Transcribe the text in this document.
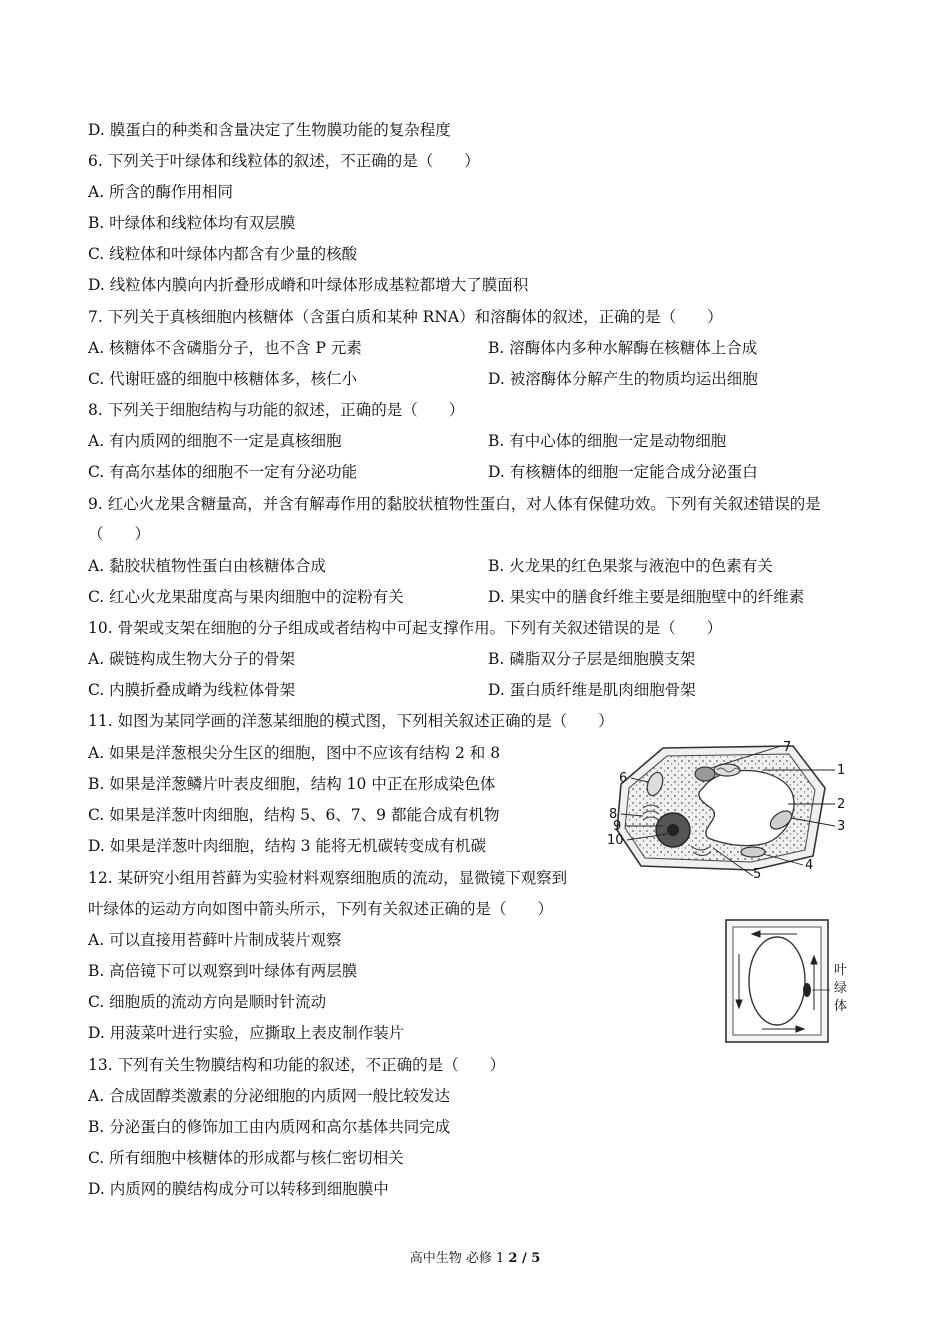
D. 膜蛋白的种类和含量决定了生物膜功能的复杂程度
6. 下列关于叶绿体和线粒体的叙述，不正确的是（　　）
A. 所含的酶作用相同
B. 叶绿体和线粒体均有双层膜
C. 线粒体和叶绿体内都含有少量的核酸
D. 线粒体内膜向内折叠形成嵴和叶绿体形成基粒都增大了膜面积
7. 下列关于真核细胞内核糖体（含蛋白质和某种 RNA）和溶酶体的叙述，正确的是（　　）
A. 核糖体不含磷脂分子，也不含 P 元素	B. 溶酶体内多种水解酶在核糖体上合成
C. 代谢旺盛的细胞中核糖体多，核仁小	D. 被溶酶体分解产生的物质均运出细胞
8. 下列关于细胞结构与功能的叙述，正确的是（　　）
A. 有内质网的细胞不一定是真核细胞	B. 有中心体的细胞一定是动物细胞
C. 有高尔基体的细胞不一定有分泌功能	D. 有核糖体的细胞一定能合成分泌蛋白
9. 红心火龙果含糖量高，并含有解毒作用的黏胶状植物性蛋白，对人体有保健功效。下列有关叙述错误的是
（　　）
A. 黏胶状植物性蛋白由核糖体合成	B. 火龙果的红色果浆与液泡中的色素有关
C. 红心火龙果甜度高与果肉细胞中的淀粉有关	D. 果实中的膳食纤维主要是细胞壁中的纤维素
10. 骨架或支架在细胞的分子组成或者结构中可起支撑作用。下列有关叙述错误的是（　　）
A. 碳链构成生物大分子的骨架	B. 磷脂双分子层是细胞膜支架
C. 内膜折叠成嵴为线粒体骨架	D. 蛋白质纤维是肌肉细胞骨架
11. 如图为某同学画的洋葱某细胞的模式图，下列相关叙述正确的是（　　）
A. 如果是洋葱根尖分生区的细胞，图中不应该有结构 2 和 8
B. 如果是洋葱鳞片叶表皮细胞，结构 10 中正在形成染色体
C. 如果是洋葱叶肉细胞，结构 5、6、7、9 都能合成有机物
D. 如果是洋葱叶肉细胞，结构 3 能将无机碳转变成有机碳
7
1
2
3
4
5
6
8
9
10
12. 某研究小组用苔藓为实验材料观察细胞质的流动，显微镜下观察到
叶绿体的运动方向如图中箭头所示，下列有关叙述正确的是（　　）
A. 可以直接用苔藓叶片制成装片观察
B. 高倍镜下可以观察到叶绿体有两层膜
C. 细胞质的流动方向是顺时针流动
D. 用菠菜叶进行实验，应撕取上表皮制作装片
叶
绿
体
13. 下列有关生物膜结构和功能的叙述，不正确的是（　　）
A. 合成固醇类激素的分泌细胞的内质网一般比较发达
B. 分泌蛋白的修饰加工由内质网和高尔基体共同完成
C. 所有细胞中核糖体的形成都与核仁密切相关
D. 内质网的膜结构成分可以转移到细胞膜中
高中生物 必修 1 2 / 5
